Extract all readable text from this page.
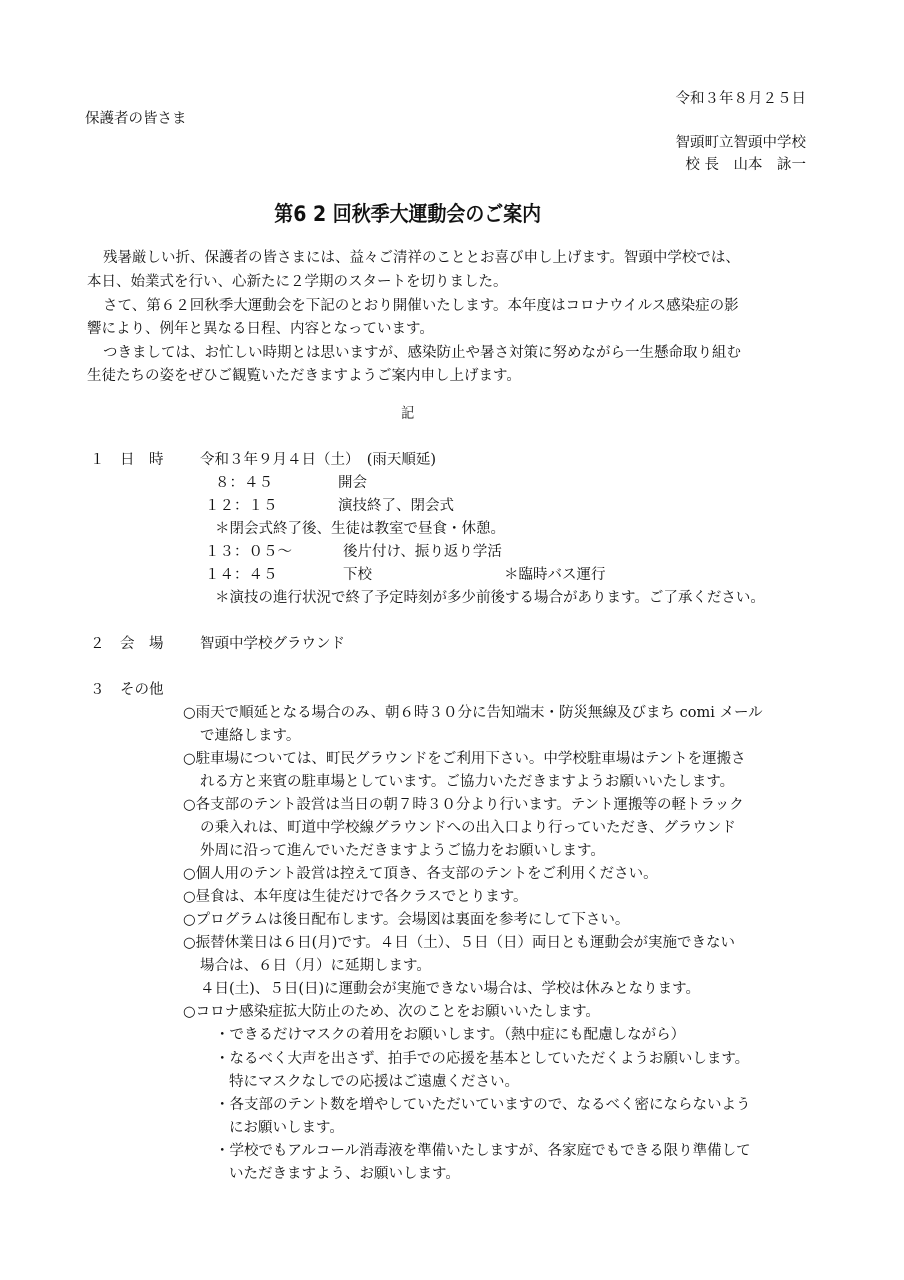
令和３年８月２５日
保護者の皆さま
智頭町立智頭中学校
校 長　山本　詠一
第6 2 回秋季大運動会のご案内
残暑厳しい折、保護者の皆さまには、益々ご清祥のこととお喜び申し上げます。智頭中学校では、
本日、始業式を行い、心新たに２学期のスタートを切りました。
さて、第６２回秋季大運動会を下記のとおり開催いたします。本年度はコロナウイルス感染症の影
響により、例年と異なる日程、内容となっています。
つきましては、お忙しい時期とは思いますが、感染防止や暑さ対策に努めながら一生懸命取り組む
生徒たちの姿をぜひご観覧いただきますようご案内申し上げます。
記
１ 日　時	令和３年９月４日（土）　(雨天順延)
８：４５	開会
１２：１５	演技終了、閉会式
＊閉会式終了後、生徒は教室で昼食・休憩。
１３：０５～	後片付け、振り返り学活
１４：４５	下校	＊臨時バス運行
＊演技の進行状況で終了予定時刻が多少前後する場合があります。ご了承ください。
２ 会　場	智頭中学校グラウンド
３ その他
○雨天で順延となる場合のみ、朝６時３０分に告知端末・防災無線及びまち comi メール
で連絡します。
○駐車場については、町民グラウンドをご利用下さい。中学校駐車場はテントを運搬さ
れる方と来賓の駐車場としています。ご協力いただきますようお願いいたします。
○各支部のテント設営は当日の朝７時３０分より行います。テント運搬等の軽トラック
の乗入れは、町道中学校線グラウンドへの出入口より行っていただき、グラウンド
外周に沿って進んでいただきますようご協力をお願いします。
○個人用のテント設営は控えて頂き、各支部のテントをご利用ください。
○昼食は、本年度は生徒だけで各クラスでとります。
○プログラムは後日配布します。会場図は裏面を参考にして下さい。
○振替休業日は６日(月)です。４日（土）、５日（日）両日とも運動会が実施できない
場合は、６日（月）に延期します。
４日(土)、５日(日)に運動会が実施できない場合は、学校は休みとなります。
○コロナ感染症拡大防止のため、次のことをお願いいたします。
・できるだけマスクの着用をお願いします。（熱中症にも配慮しながら）
・なるべく大声を出さず、拍手での応援を基本としていただくようお願いします。
特にマスクなしでの応援はご遠慮ください。
・各支部のテント数を増やしていただいていますので、なるべく密にならないよう
にお願いします。
・学校でもアルコール消毒液を準備いたしますが、各家庭でもできる限り準備して
いただきますよう、お願いします。
